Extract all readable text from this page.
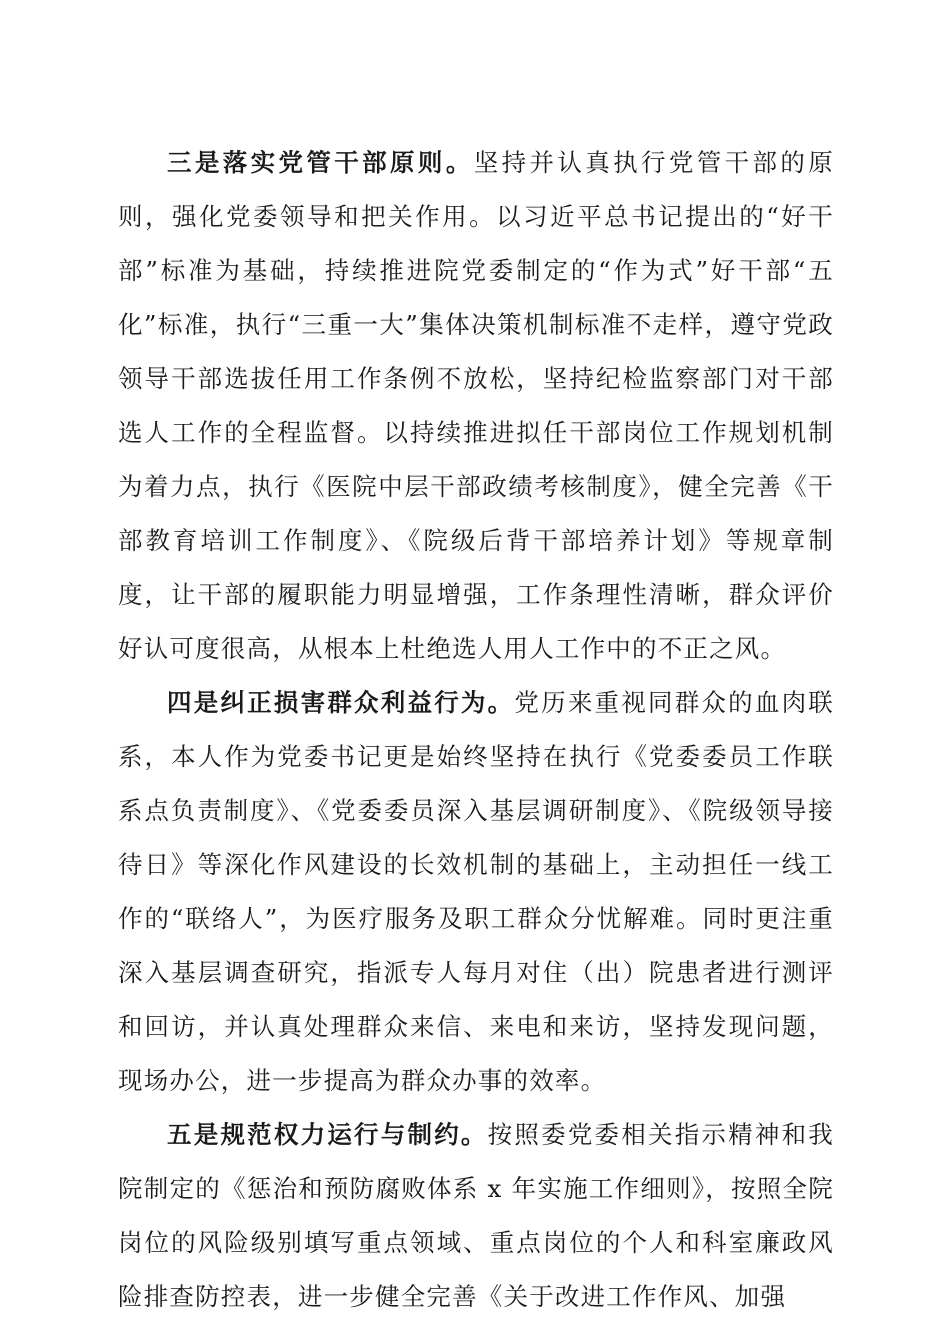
三是落实党管干部原则。坚持并认真执行党管干部的原则，强化党委领导和把关作用。以习近平总书记提出的“好干部”标准为基础，持续推进院党委制定的“作为式”好干部“五化”标准，执行“三重一大”集体决策机制标准不走样，遵守党政领导干部选拔任用工作条例不放松，坚持纪检监察部门对干部选人工作的全程监督。以持续推进拟任干部岗位工作规划机制为着力点，执行《医院中层干部政绩考核制度》，健全完善《干部教育培训工作制度》、《院级后背干部培养计划》等规章制度，让干部的履职能力明显增强，工作条理性清晰，群众评价好认可度很高，从根本上杜绝选人用人工作中的不正之风。

四是纠正损害群众利益行为。党历来重视同群众的血肉联系，本人作为党委书记更是始终坚持在执行《党委委员工作联系点负责制度》、《党委委员深入基层调研制度》、《院级领导接待日》等深化作风建设的长效机制的基础上，主动担任一线工作的“联络人”，为医疗服务及职工群众分忧解难。同时更注重深入基层调查研究，指派专人每月对住（出）院患者进行测评和回访，并认真处理群众来信、来电和来访，坚持发现问题，现场办公，进一步提高为群众办事的效率。

五是规范权力运行与制约。按照委党委相关指示精神和我院制定的《惩治和预防腐败体系 x 年实施工作细则》，按照全院岗位的风险级别填写重点领域、重点岗位的个人和科室廉政风险排查防控表，进一步健全完善《关于改进工作作风、加强
